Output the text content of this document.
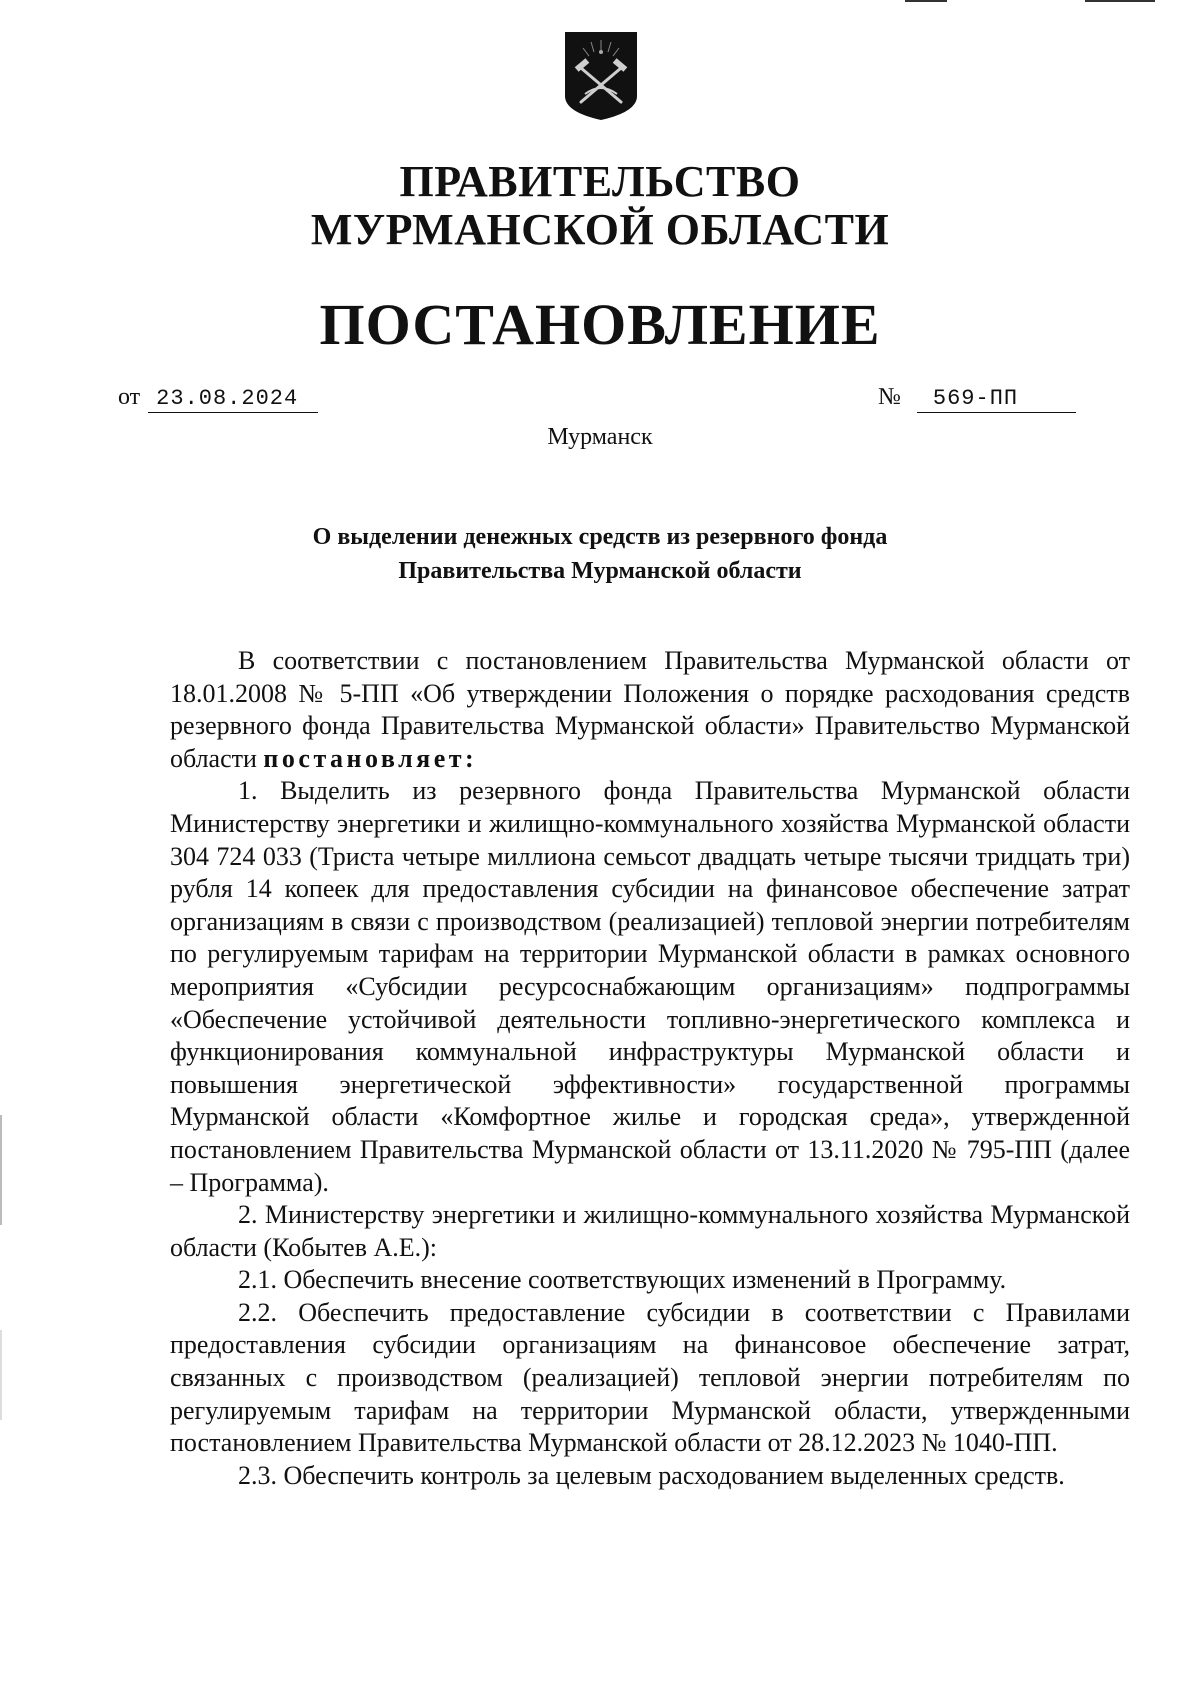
ПРАВИТЕЛЬСТВО
МУРМАНСКОЙ ОБЛАСТИ
ПОСТАНОВЛЕНИЕ
от 23.08.2024	№ 569-ПП
Мурманск
О выделении денежных средств из резервного фонда
Правительства Мурманской области

В соответствии с постановлением Правительства Мурманской области от 18.01.2008 № 5-ПП «Об утверждении Положения о порядке расходования средств резервного фонда Правительства Мурманской области» Правительство Мурманской области постановляет:

1. Выделить из резервного фонда Правительства Мурманской области Министерству энергетики и жилищно-коммунального хозяйства Мурманской области 304 724 033 (Триста четыре миллиона семьсот двадцать четыре тысячи тридцать три) рубля 14 копеек для предоставления субсидии на финансовое обеспечение затрат организациям в связи с производством (реализацией) тепловой энергии потребителям по регулируемым тарифам на территории Мурманской области в рамках основного мероприятия «Субсидии ресурсоснабжающим организациям» подпрограммы «Обеспечение устойчивой деятельности топливно-энергетического комплекса и функционирования коммунальной инфраструктуры Мурманской области и повышения энергетической эффективности» государственной программы Мурманской области «Комфортное жилье и городская среда», утвержденной постановлением Правительства Мурманской области от 13.11.2020 № 795-ПП (далее – Программа).

2. Министерству энергетики и жилищно-коммунального хозяйства Мурманской области (Кобытев А.Е.):

2.1. Обеспечить внесение соответствующих изменений в Программу.

2.2. Обеспечить предоставление субсидии в соответствии с Правилами предоставления субсидии организациям на финансовое обеспечение затрат, связанных с производством (реализацией) тепловой энергии потребителям по регулируемым тарифам на территории Мурманской области, утвержденными постановлением Правительства Мурманской области от 28.12.2023 № 1040-ПП.

2.3. Обеспечить контроль за целевым расходованием выделенных средств.
